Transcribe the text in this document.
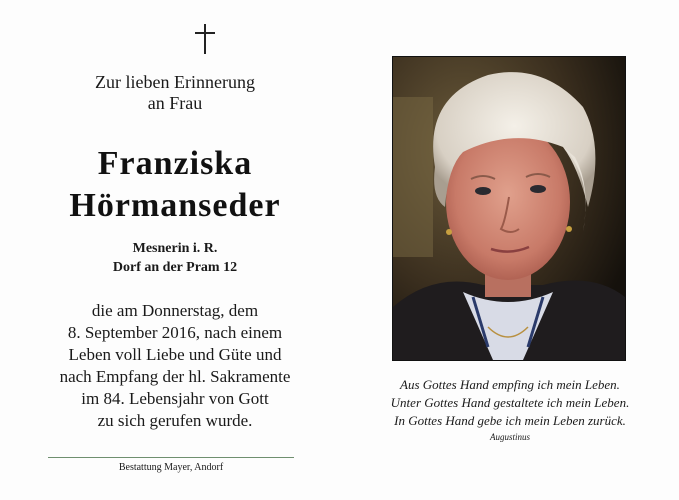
Zur lieben Erinnerung
an Frau
Franziska
Hörmanseder
Mesnerin i. R.
Dorf an der Pram 12
die am Donnerstag, dem
8. September 2016, nach einem
Leben voll Liebe und Güte und
nach Empfang der hl. Sakramente
im 84. Lebensjahr von Gott
zu sich gerufen wurde.
Bestattung Mayer, Andorf
Aus Gottes Hand empfing ich mein Leben.
Unter Gottes Hand gestaltete ich mein Leben.
In Gottes Hand gebe ich mein Leben zurück.
Augustinus
